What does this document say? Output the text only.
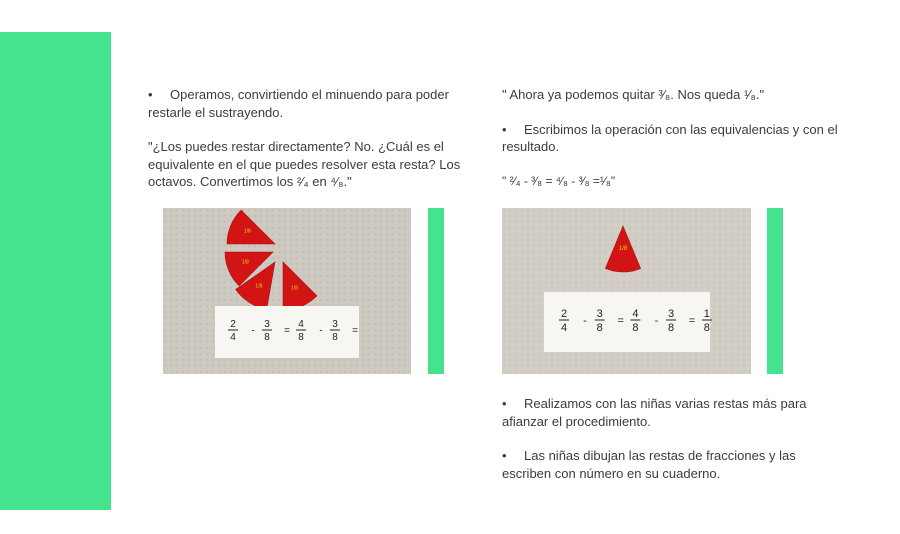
• Operamos, convirtiendo el minuendo para poder restarle el sustrayendo.

"¿Los puedes restar directamente? No. ¿Cuál es el equivalente en el que puedes resolver esta resta? Los octavos. Convertimos los ²⁄₄ en ⁴⁄₈."

" Ahora ya podemos quitar ³⁄₈. Nos queda ¹⁄₈."

• Escribimos la operación con las equivalencias y con el resultado.

" ²⁄₄ - ³⁄₈ = ⁴⁄₈ - ³⁄₈ =¹⁄₈"

1/8
1/8
1/8	1/8
2
4
-
3
8
=
4
8
-
3
8
=
1/8
2
4
-
3
8
=
4
8
-
3
8
=
1
8

• Realizamos con las niñas varias restas más para afianzar el procedimiento.

• Las niñas dibujan las restas de fracciones y las escriben con número en su cuaderno.
